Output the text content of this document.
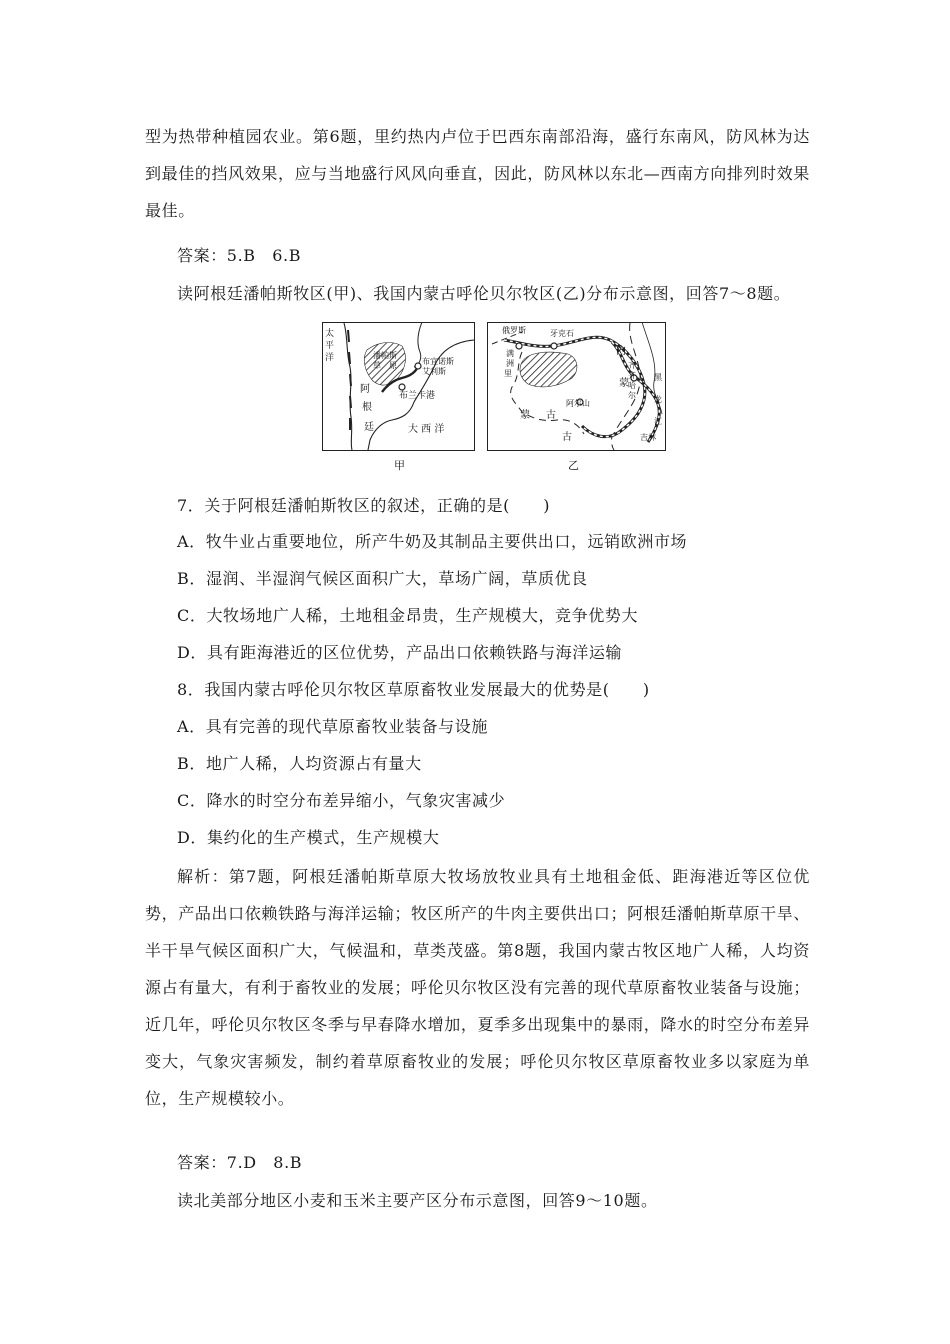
型为热带种植园农业。第6题，里约热内卢位于巴西东南部沿海，盛行东南风，防风林为达到最佳的挡风效果，应与当地盛行风风向垂直，因此，防风林以东北—西南方向排列时效果最佳。

答案：5.B　6.B

读阿根廷潘帕斯牧区(甲)、我国内蒙古呼伦贝尔牧区(乙)分布示意图，回答7～8题。

太
平
洋	潘帕斯
草　原	布宜诺斯
艾利斯
布兰卡港
阿
根
廷	大 西 洋
甲
俄罗斯
满
洲
里
牙克石
内
蒙
蒙 古
古
齐
齐
哈
尔
黑
龙
江
阿尔山
吉林
乙

7．关于阿根廷潘帕斯牧区的叙述，正确的是(　　)

A．牧牛业占重要地位，所产牛奶及其制品主要供出口，远销欧洲市场

B．湿润、半湿润气候区面积广大，草场广阔，草质优良

C．大牧场地广人稀，土地租金昂贵，生产规模大，竞争优势大

D．具有距海港近的区位优势，产品出口依赖铁路与海洋运输

8．我国内蒙古呼伦贝尔牧区草原畜牧业发展最大的优势是(　　)

A．具有完善的现代草原畜牧业装备与设施

B．地广人稀，人均资源占有量大

C．降水的时空分布差异缩小，气象灾害减少

D．集约化的生产模式，生产规模大

解析：第7题，阿根廷潘帕斯草原大牧场放牧业具有土地租金低、距海港近等区位优势，产品出口依赖铁路与海洋运输；牧区所产的牛肉主要供出口；阿根廷潘帕斯草原干旱、半干旱气候区面积广大，气候温和，草类茂盛。第8题，我国内蒙古牧区地广人稀，人均资源占有量大，有利于畜牧业的发展；呼伦贝尔牧区没有完善的现代草原畜牧业装备与设施；近几年，呼伦贝尔牧区冬季与早春降水增加，夏季多出现集中的暴雨，降水的时空分布差异变大，气象灾害频发，制约着草原畜牧业的发展；呼伦贝尔牧区草原畜牧业多以家庭为单位，生产规模较小。

答案：7.D　8.B

读北美部分地区小麦和玉米主要产区分布示意图，回答9～10题。
